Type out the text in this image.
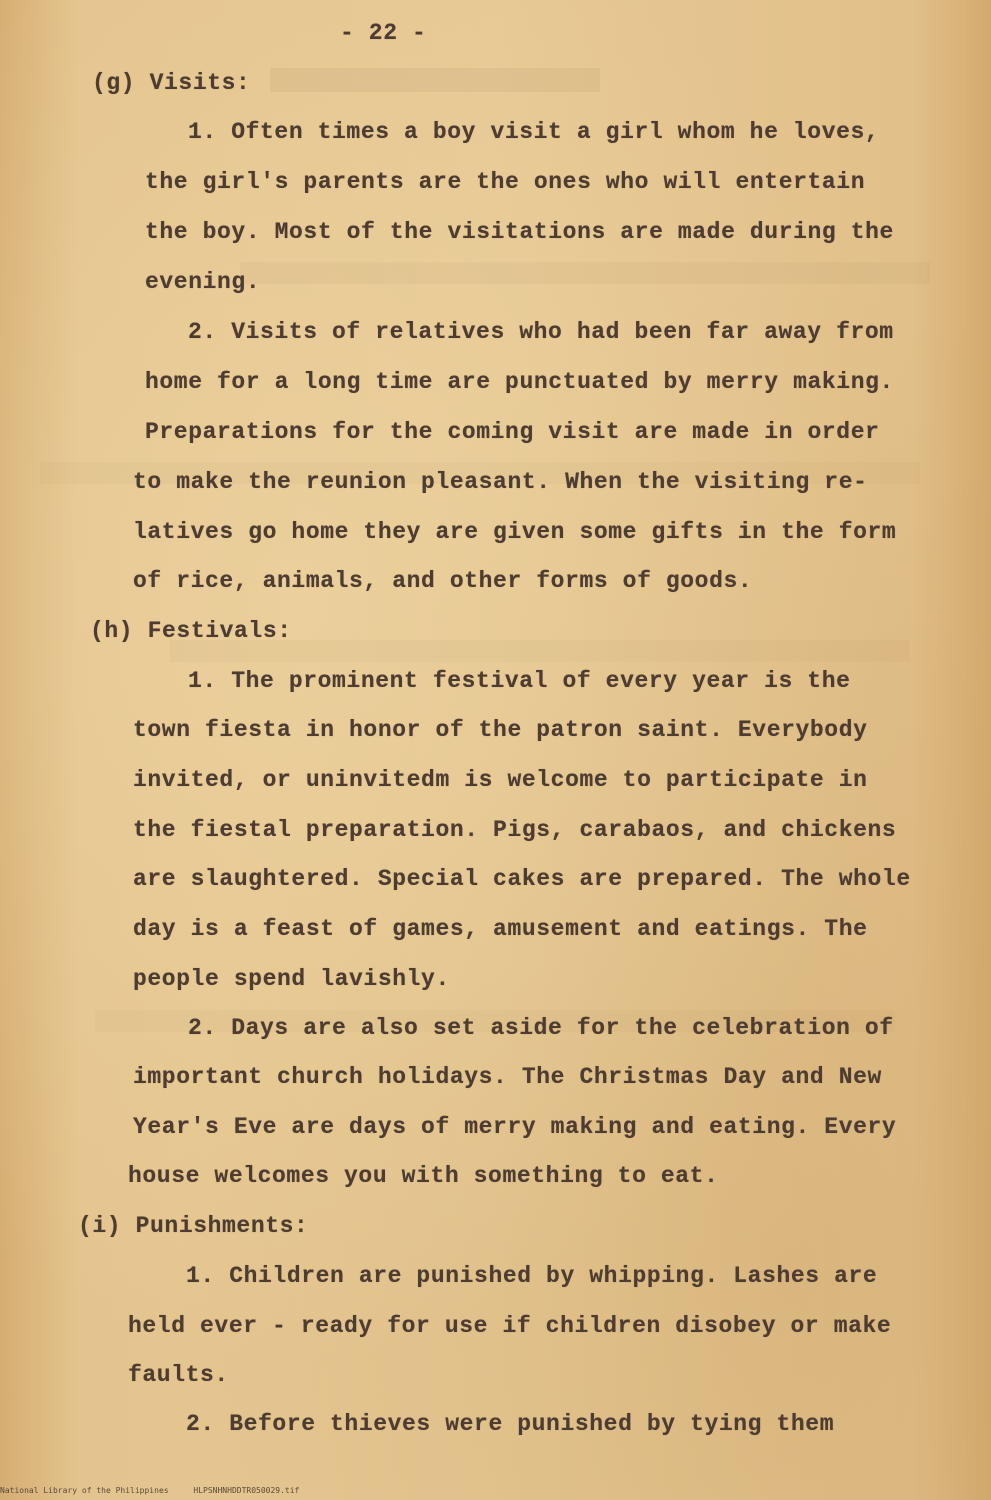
- 22 -
(g) Visits:
1. Often times a boy visit a girl whom he loves,
the girl's parents are the ones who will entertain
the boy. Most of the visitations are made during the
evening.
2. Visits of relatives who had been far away from
home for a long time are punctuated by merry making.
Preparations for the coming visit are made in order
to make the reunion pleasant. When the visiting re-
latives go home they are given some gifts in the form
of rice, animals, and other forms of goods.
(h) Festivals:
1. The prominent festival of every year is the
town fiesta in honor of the patron saint. Everybody
invited, or uninvitedm is welcome to participate in
the fiestal preparation. Pigs, carabaos, and chickens
are slaughtered. Special cakes are prepared. The whole
day is a feast of games, amusement and eatings. The
people spend lavishly.
2. Days are also set aside for the celebration of
important church holidays. The Christmas Day and New
Year's Eve are days of merry making and eating. Every
house welcomes you with something to eat.
(i) Punishments:
1. Children are punished by whipping. Lashes are
held ever - ready for use if children disobey or make
faults.
2. Before thieves were punished by tying them
National Library of the Philippines	HLPSNHNHDDTR050029.tif
